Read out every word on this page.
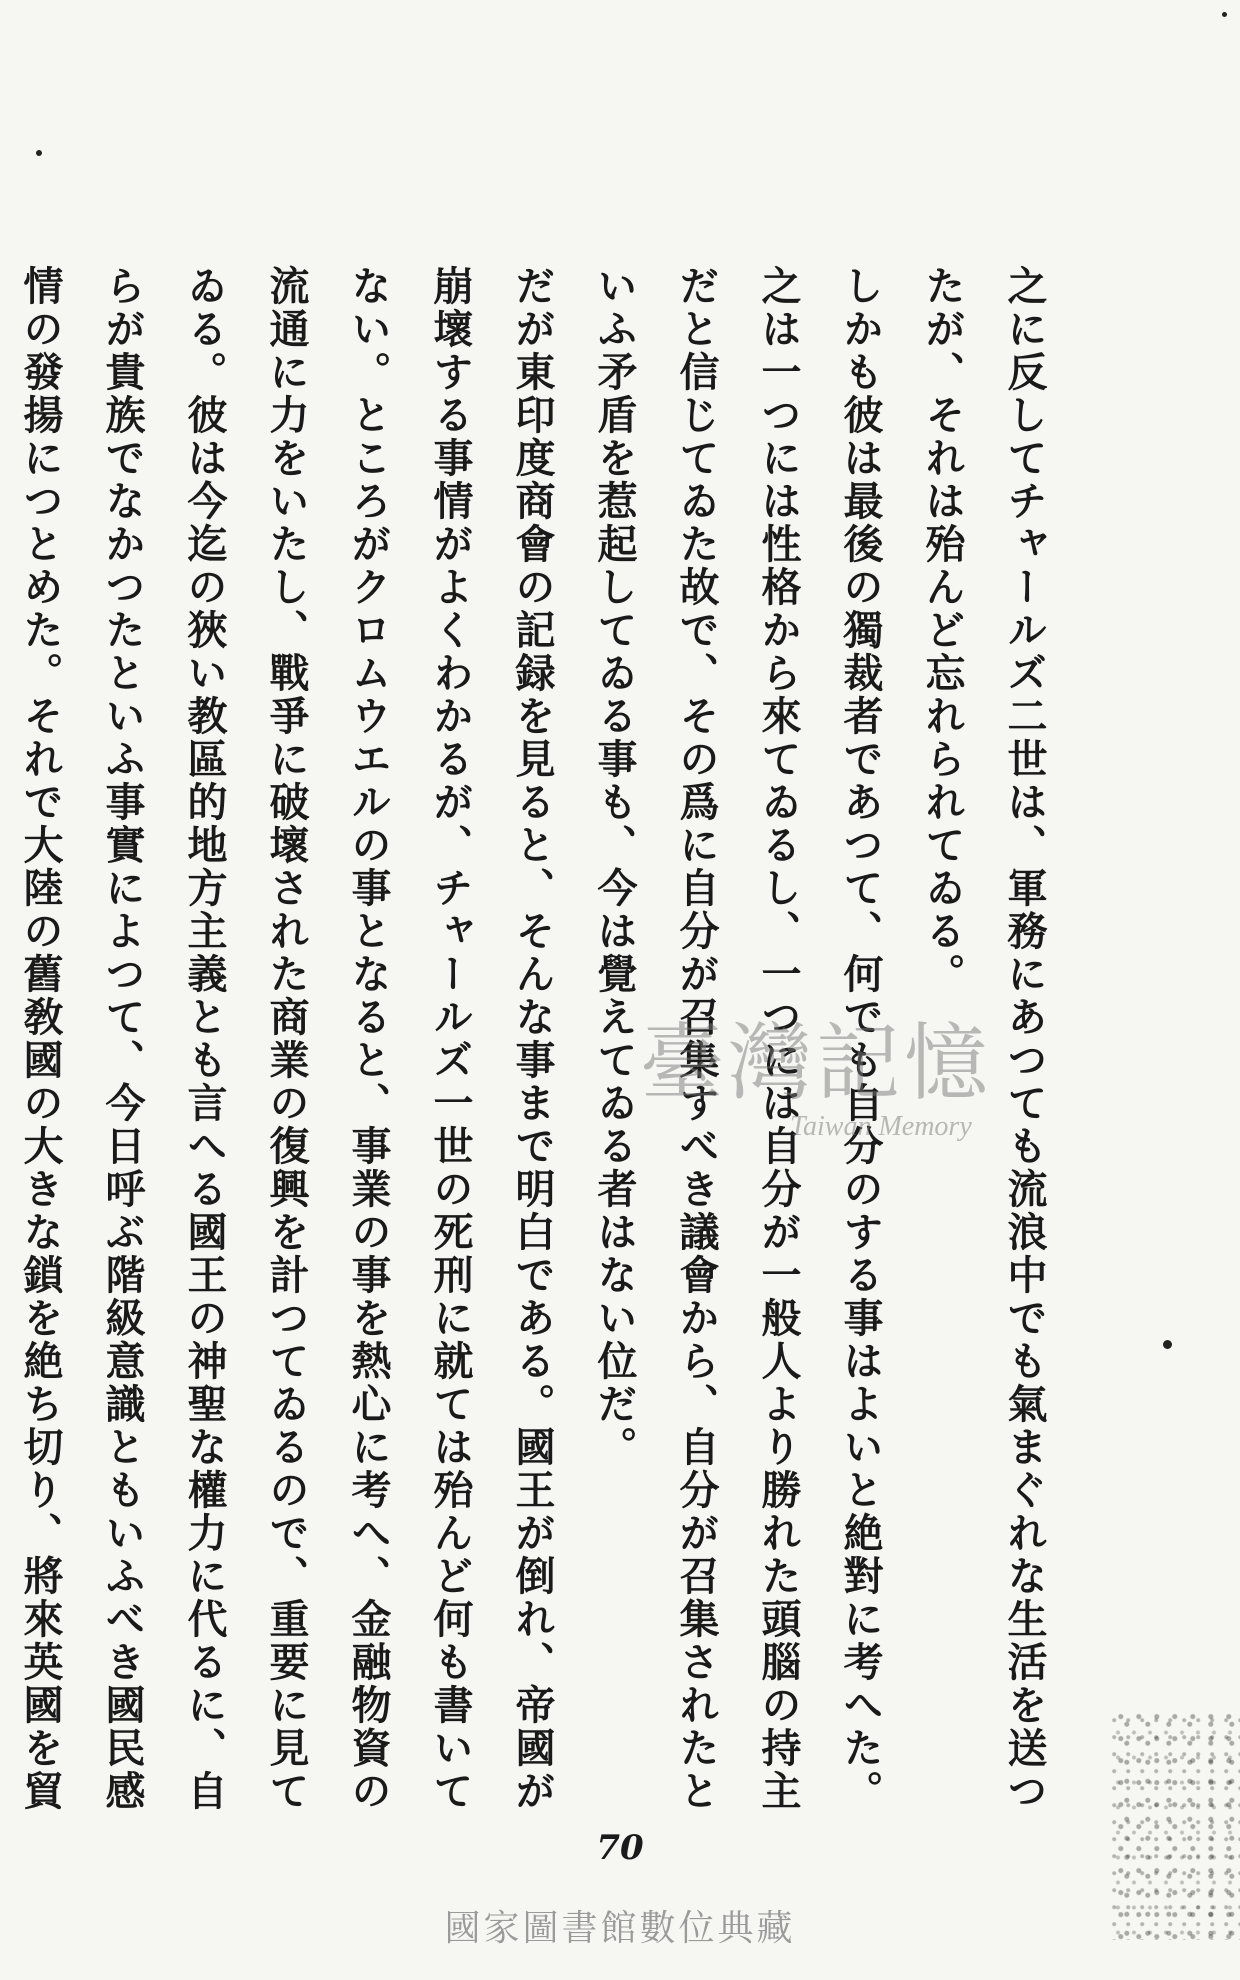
之に反してチャールズ二世は、軍務にあつても流浪中でも氣まぐれな生活を送つたが、それは殆んど忘れられてゐる。

しかも彼は最後の獨裁者であつて、何でも自分のする事はよいと絶對に考へた。之は一つには性格から來てゐるし、一つには自分が一般人より勝れた頭腦の持主だと信じてゐた故で、その爲に自分が召集すべき議會から、自分が召集されたといふ矛盾を惹起してゐる事も、今は覺えてゐる者はない位だ。

だが東印度商會の記録を見ると、そんな事まで明白である。國王が倒れ、帝國が崩壞する事情がよくわかるが、チャールズ一世の死刑に就ては殆んど何も書いてない。ところがクロムウエルの事となると、事業の事を熱心に考へ、金融物資の流通に力をいたし、戰爭に破壞された商業の復興を計つてゐるので、重要に見てゐる。彼は今迄の狹い教區的地方主義とも言へる國王の神聖な權力に代るに、自らが貴族でなかつたといふ事實によつて、今日呼ぶ階級意識ともいふべき國民感情の發揚につとめた。それで大陸の舊敎國の大きな鎖を絶ち切り、將來英國を貿

臺灣記憶
Taiwan Memory
70
國家圖書館數位典藏
